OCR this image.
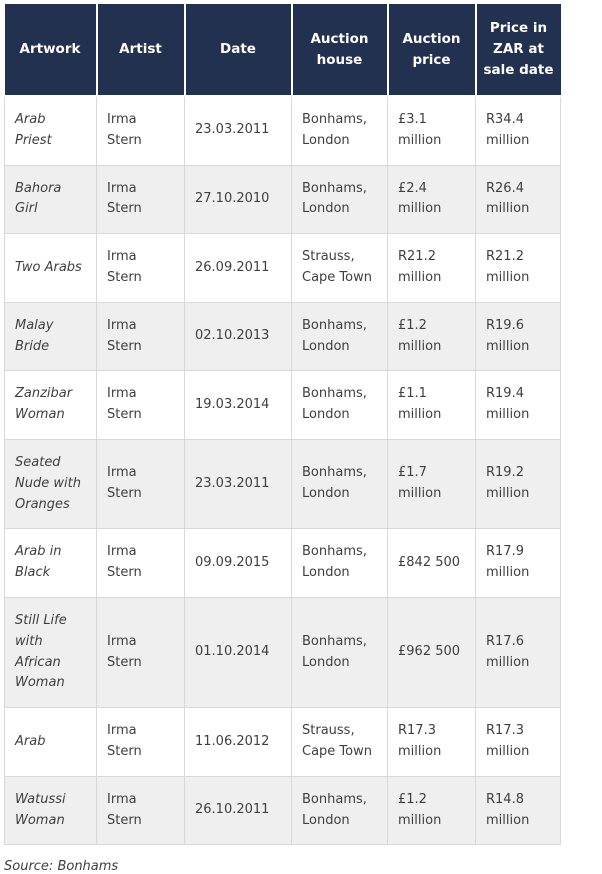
Artwork	Artist	Date	Auction house	Auction price	Price in ZAR at sale date
Arab Priest	Irma Stern	23.03.2011	Bonhams, London	£3.1 million	R34.4 million
Bahora Girl	Irma Stern	27.10.2010	Bonhams, London	£2.4 million	R26.4 million
Two Arabs	Irma Stern	26.09.2011	Strauss, Cape Town	R21.2 million	R21.2 million
Malay Bride	Irma Stern	02.10.2013	Bonhams, London	£1.2 million	R19.6 million
Zanzibar Woman	Irma Stern	19.03.2014	Bonhams, London	£1.1 million	R19.4 million
Seated Nude with Oranges	Irma Stern	23.03.2011	Bonhams, London	£1.7 million	R19.2 million
Arab in Black	Irma Stern	09.09.2015	Bonhams, London	£842 500	R17.9 million
Still Life with African Woman	Irma Stern	01.10.2014	Bonhams, London	£962 500	R17.6 million
Arab	Irma Stern	11.06.2012	Strauss, Cape Town	R17.3 million	R17.3 million
Watussi Woman	Irma Stern	26.10.2011	Bonhams, London	£1.2 million	R14.8 million
Source: Bonhams
